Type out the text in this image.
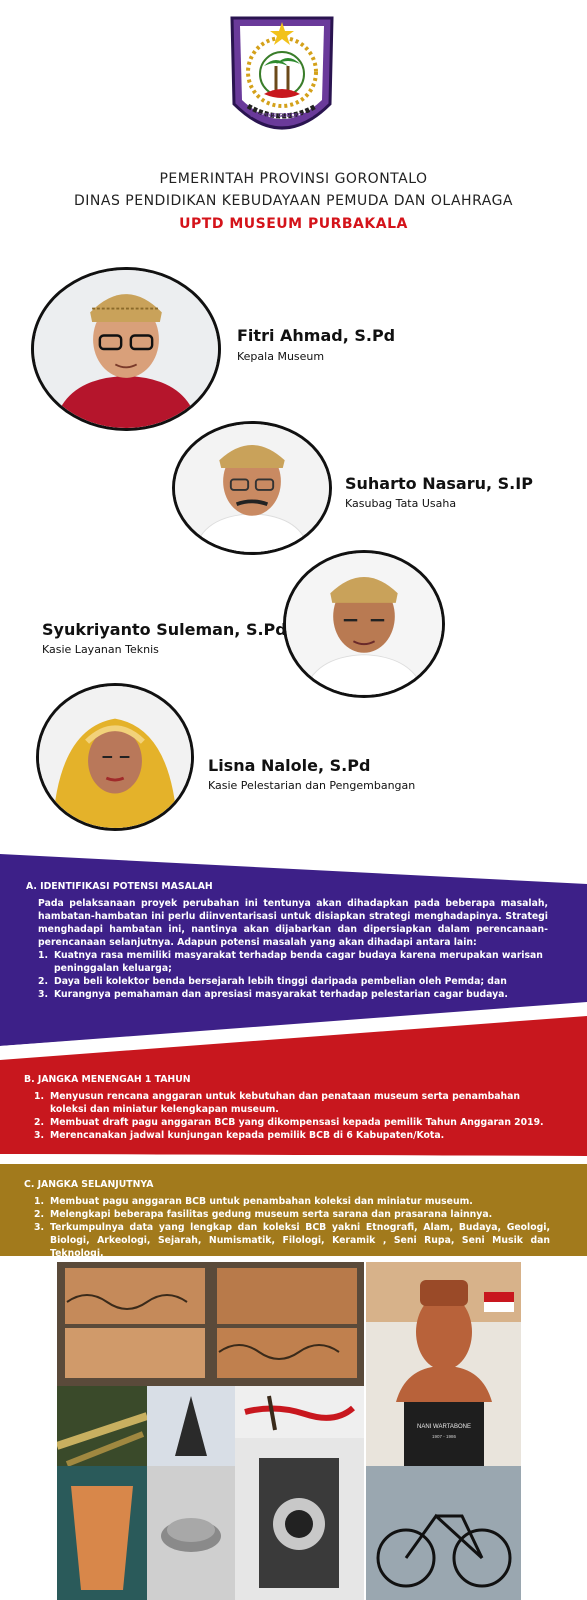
PROVINSI GORONTALO
PEMERINTAH PROVINSI GORONTALO
DINAS PENDIDIKAN KEBUDAYAAN PEMUDA DAN OLAHRAGA
UPTD MUSEUM PURBAKALA
Fitri Ahmad, S.Pd
Kepala Museum
Suharto Nasaru, S.IP
Kasubag Tata Usaha
Syukriyanto Suleman, S.Pd
Kasie Layanan Teknis
Lisna Nalole, S.Pd
Kasie Pelestarian dan Pengembangan
A. IDENTIFIKASI POTENSI MASALAH
Pada pelaksanaan proyek perubahan ini tentunya akan dihadapkan pada beberapa masalah, hambatan-hambatan ini perlu diinventarisasi untuk disiapkan strategi menghadapinya. Strategi menghadapi hambatan ini, nantinya akan dijabarkan dan dipersiapkan dalam perencanaan-perencanaan selanjutnya. Adapun potensi masalah yang akan dihadapi antara lain:
1. Kuatnya rasa memiliki masyarakat terhadap benda cagar budaya karena merupakan warisan peninggalan keluarga;
2. Daya beli kolektor benda bersejarah lebih tinggi daripada pembelian oleh Pemda; dan
3. Kurangnya pemahaman dan apresiasi masyarakat terhadap pelestarian cagar budaya.
B. JANGKA MENENGAH 1 TAHUN
1. Menyusun rencana anggaran untuk kebutuhan dan penataan museum serta penambahan koleksi dan miniatur kelengkapan museum.
2. Membuat draft pagu anggaran BCB yang dikompensasi kepada pemilik Tahun Anggaran 2019.
3. Merencanakan jadwal kunjungan kepada pemilik BCB di 6 Kabupaten/Kota.
C. JANGKA SELANJUTNYA
1. Membuat pagu anggaran BCB untuk penambahan koleksi dan miniatur museum.
2. Melengkapi beberapa fasilitas gedung museum serta sarana dan prasarana lainnya.
3. Terkumpulnya data yang lengkap dan koleksi BCB yakni Etnografi, Alam, Budaya, Geologi, Biologi, Arkeologi, Sejarah, Numismatik, Filologi, Keramik , Seni Rupa, Seni Musik dan Teknologi.
NANI WARTABONE
1907 - 1986
